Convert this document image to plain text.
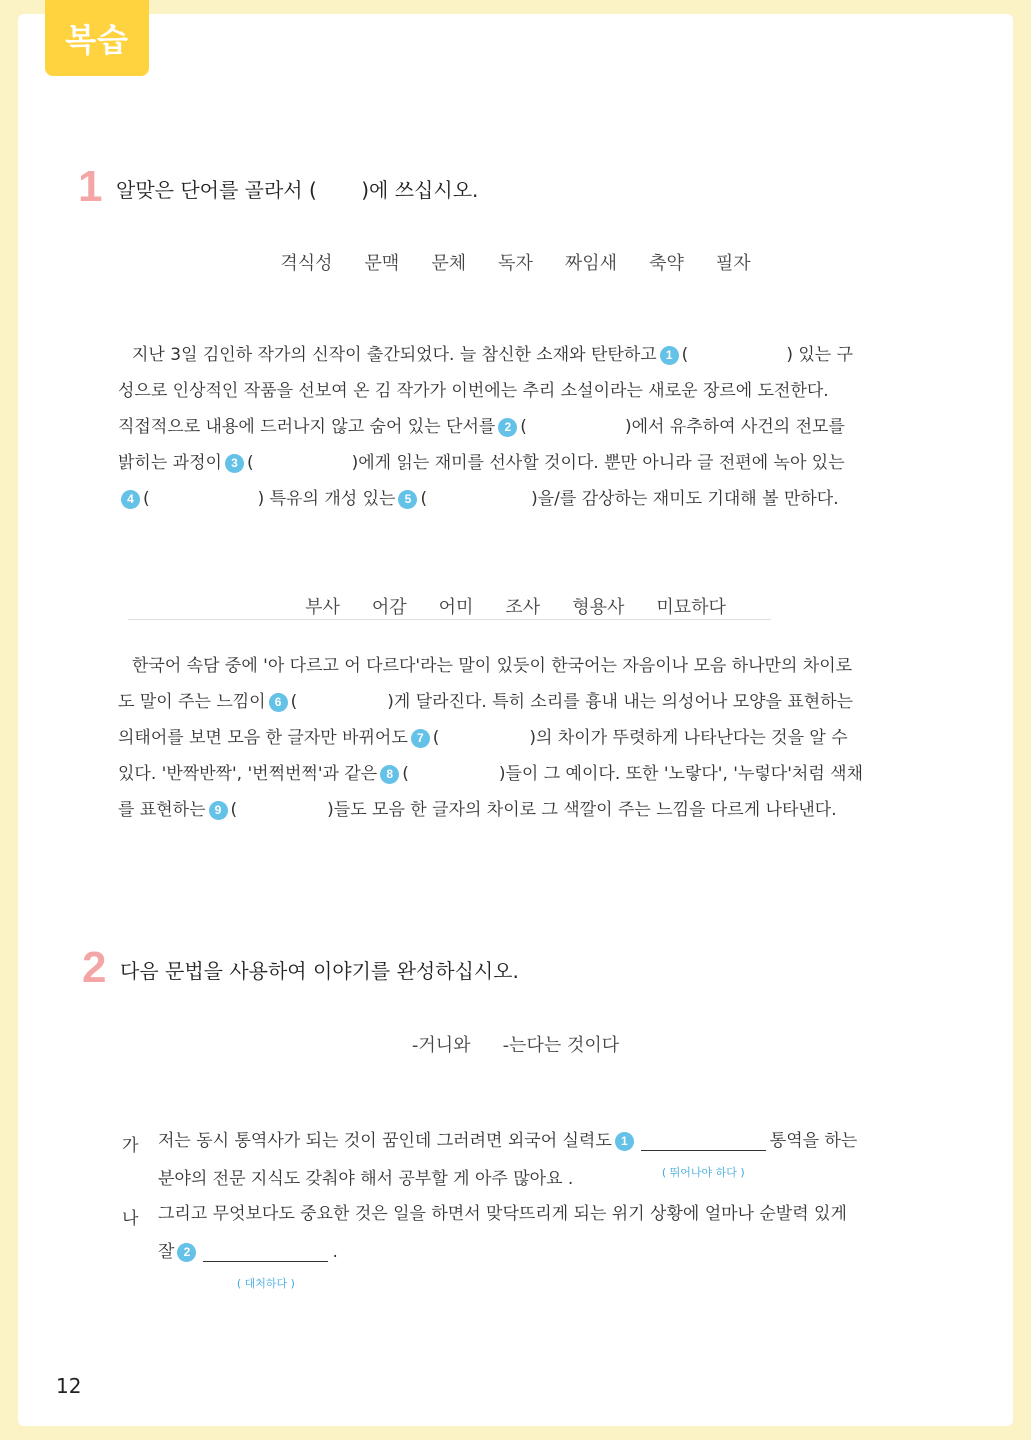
복습
1 알맞은 단어를 골라서 (       )에 쓰십시오.
격식성 문맥 문체 독자 짜임새 축약 필자
지난 3일 김인하 작가의 신작이 출간되었다. 늘 참신한 소재와 탄탄하고 1 (	) 있는 구
성으로 인상적인 작품을 선보여 온 김 작가가 이번에는 추리 소설이라는 새로운 장르에 도전한다.
직접적으로 내용에 드러나지 않고 숨어 있는 단서를 2 (	)에서 유추하여 사건의 전모를
밝히는 과정이 3 (	)에게 읽는 재미를 선사할 것이다. 뿐만 아니라 글 전편에 녹아 있는
4 (	) 특유의 개성 있는 5 (	)을/를 감상하는 재미도 기대해 볼 만하다.
부사 어감 어미 조사 형용사 미묘하다
한국어 속담 중에 '아 다르고 어 다르다'라는 말이 있듯이 한국어는 자음이나 모음 하나만의 차이로
도 말이 주는 느낌이 6 (	)게 달라진다. 특히 소리를 흉내 내는 의성어나 모양을 표현하는
의태어를 보면 모음 한 글자만 바뀌어도 7 (	)의 차이가 뚜렷하게 나타난다는 것을 알 수
있다. '반짝반짝', '번쩍번쩍'과 같은 8 (	)들이 그 예이다. 또한 '노랗다', '누렇다'처럼 색채
를 표현하는 9 (	)들도 모음 한 글자의 차이로 그 색깔이 주는 느낌을 다르게 나타낸다.
2 다음 문법을 사용하여 이야기를 완성하십시오.
-거니와 -는다는 것이다
가 저는 동시 통역사가 되는 것이 꿈인데 그러려면 외국어 실력도 1
( 뛰어나야 하다 )
통역을 하는
분야의 전문 지식도 갖춰야 해서 공부할 게 아주 많아요 .
나 그리고 무엇보다도 중요한 것은 일을 하면서 맞닥뜨리게 되는 위기 상황에 얼마나 순발력 있게
잘 2
( 대처하다 )
.
12
